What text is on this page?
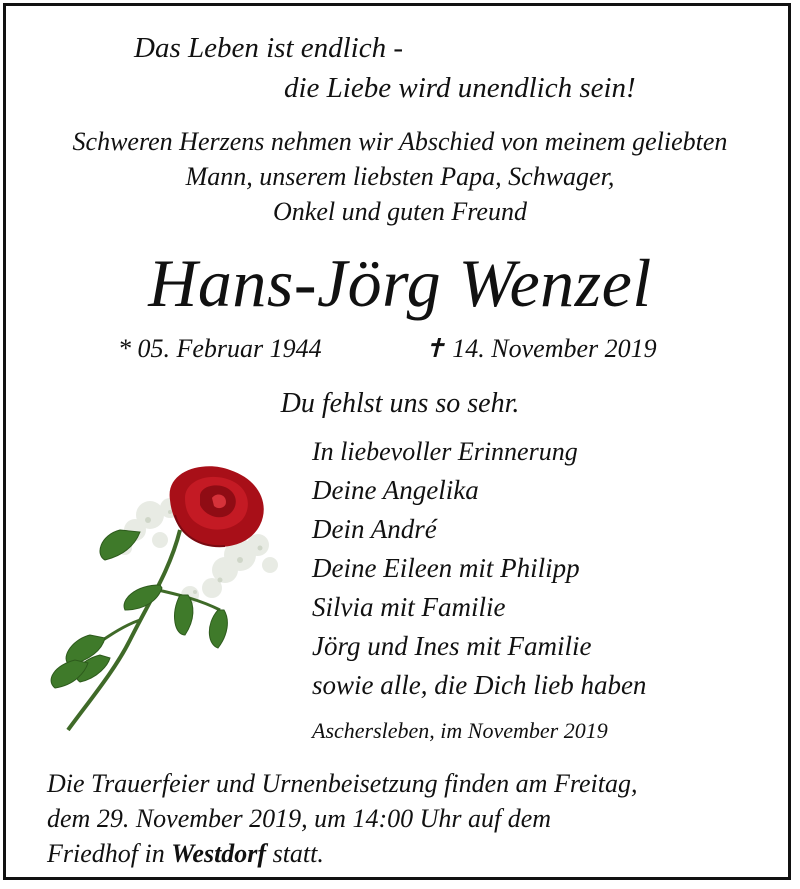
Das Leben ist endlich -
die Liebe wird unendlich sein!
Schweren Herzens nehmen wir Abschied von meinem geliebten
Mann, unserem liebsten Papa, Schwager,
Onkel und guten Freund
Hans-Jörg Wenzel
* 05. Februar 1944	✝ 14. November 2019
Du fehlst uns so sehr.
In liebevoller Erinnerung
Deine Angelika
Dein André
Deine Eileen mit Philipp
Silvia mit Familie
Jörg und Ines mit Familie
sowie alle, die Dich lieb haben
Aschersleben, im November 2019
Die Trauerfeier und Urnenbeisetzung finden am Freitag,
dem 29. November 2019, um 14:00 Uhr auf dem
Friedhof in Westdorf statt.
